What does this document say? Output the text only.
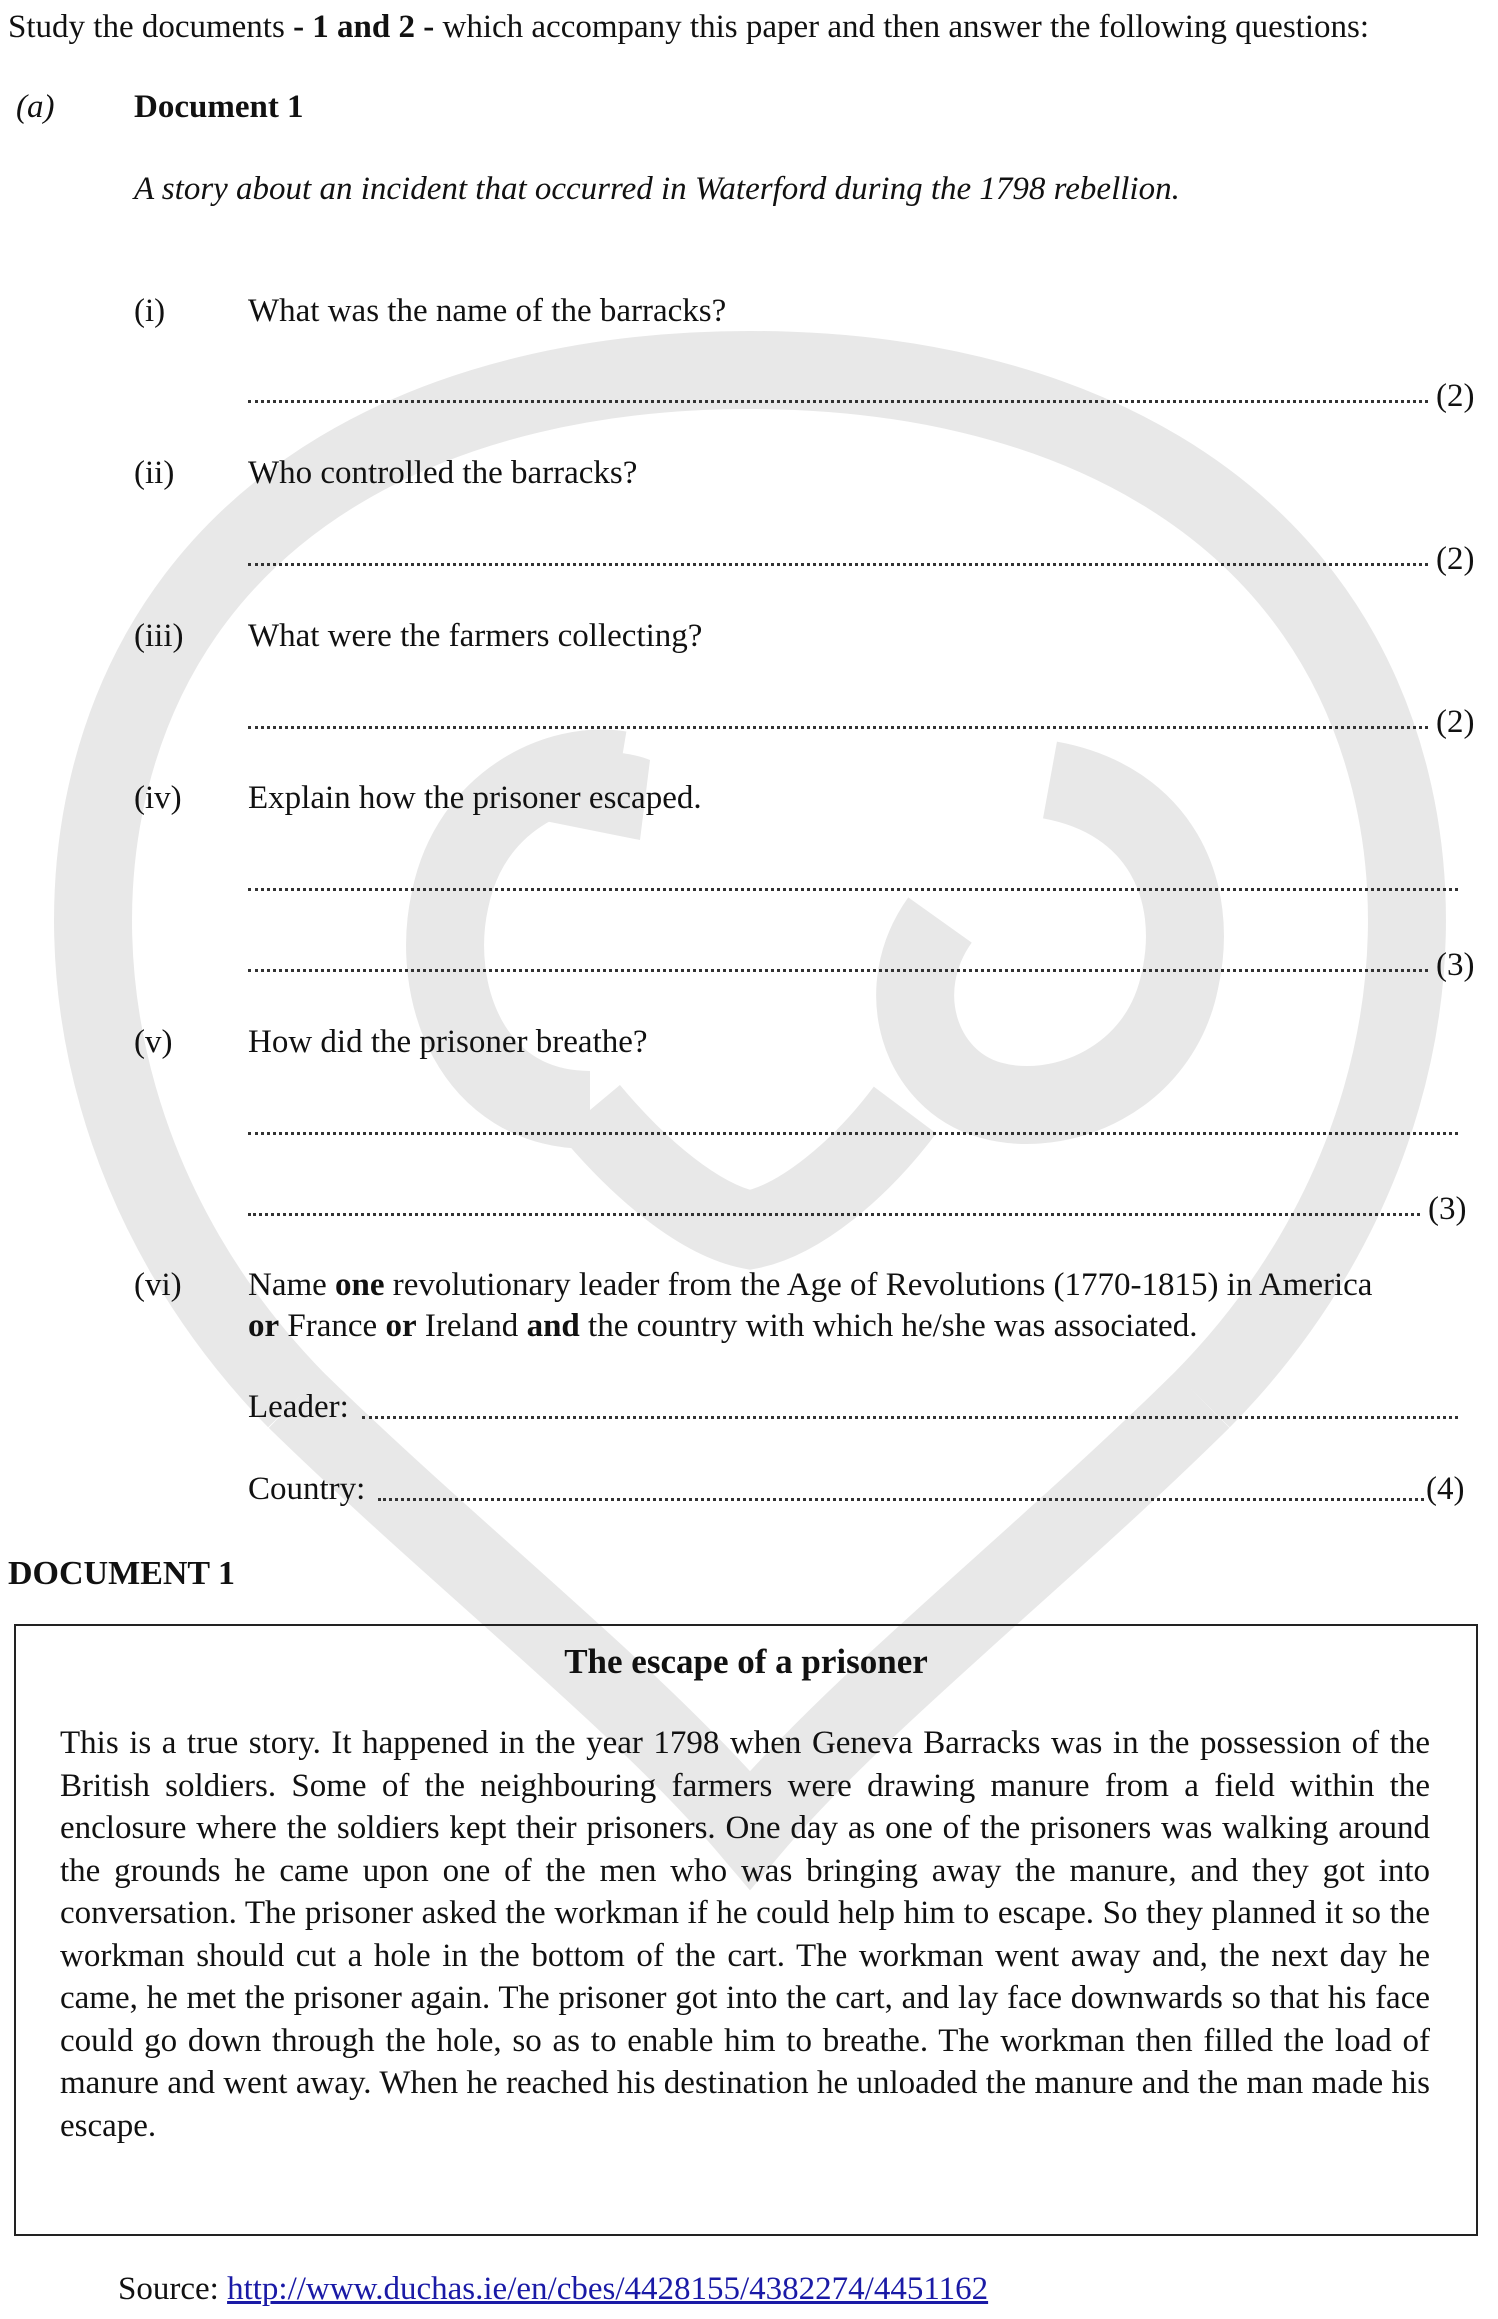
Study the documents - 1 and 2 - which accompany this paper and then answer the following questions:
(a) Document 1
A story about an incident that occurred in Waterford during the 1798 rebellion.
(i)	What was the name of the barracks?
(2)
(ii) Who controlled the barracks?
(2)
(iii) What were the farmers collecting?
(2)
(iv) Explain how the prisoner escaped.
(3)
(v) How did the prisoner breathe?
(3)
(vi) Name one revolutionary leader from the Age of Revolutions (1770-1815) in America
or France or Ireland and the country with which he/she was associated.
Leader:
Country:	(4)
DOCUMENT 1
The escape of a prisoner
This is a true story. It happened in the year 1798 when Geneva Barracks was in the possession of the British soldiers. Some of the neighbouring farmers were drawing manure from a field within the enclosure where the soldiers kept their prisoners. One day as one of the prisoners was walking around the grounds he came upon one of the men who was bringing away the manure, and they got into conversation. The prisoner asked the workman if he could help him to escape. So they planned it so the workman should cut a hole in the bottom of the cart. The workman went away and, the next day he came, he met the prisoner again. The prisoner got into the cart, and lay face downwards so that his face could go down through the hole, so as to enable him to breathe. The workman then filled the load of manure and went away. When he reached his destination he unloaded the manure and the man made his escape.
Source: http://www.duchas.ie/en/cbes/4428155/4382274/4451162
